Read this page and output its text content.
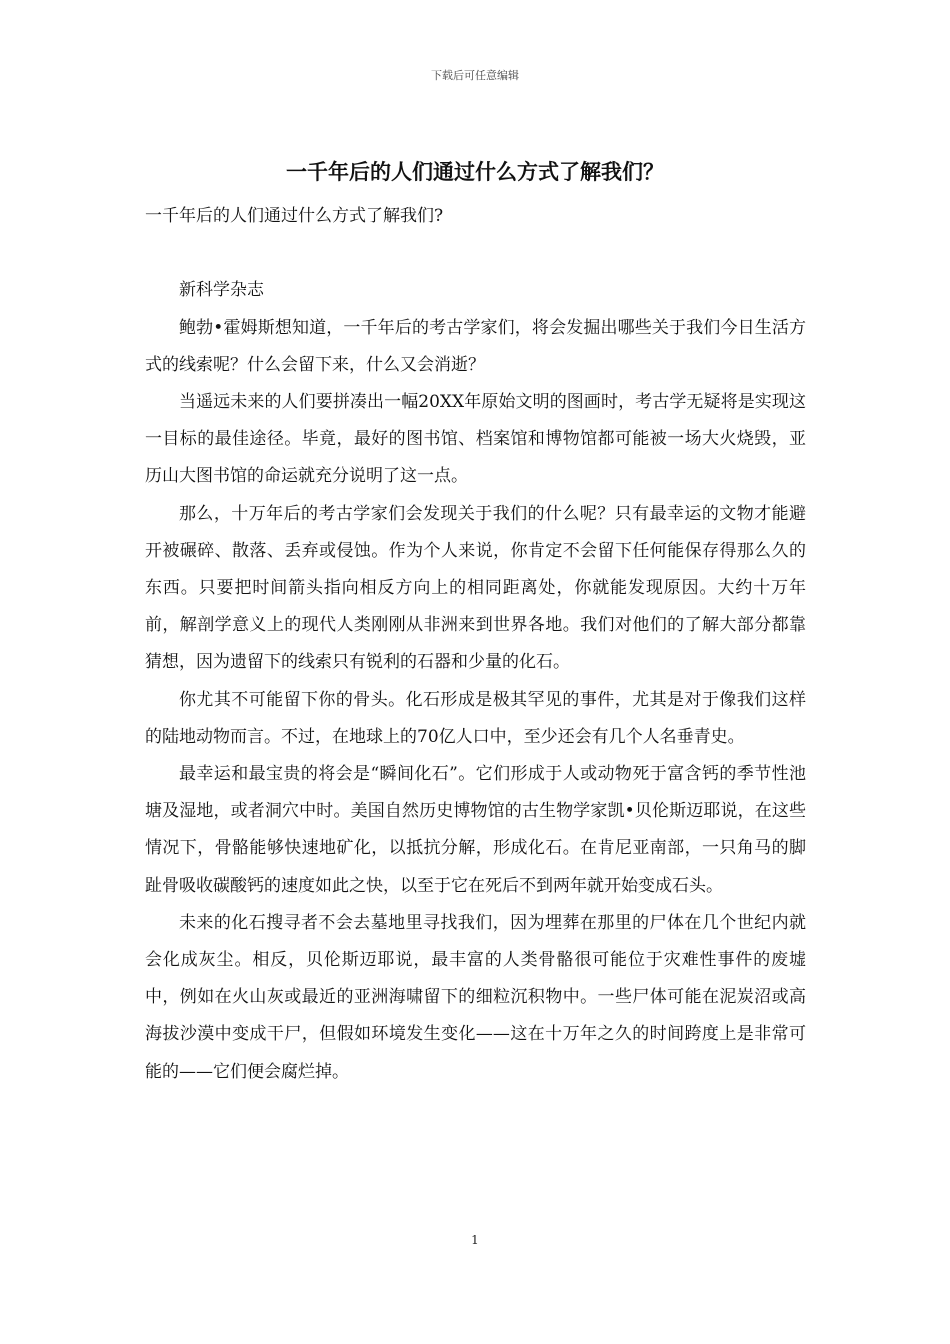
下载后可任意编辑
一千年后的人们通过什么方式了解我们？

一千年后的人们通过什么方式了解我们?

新科学杂志

鲍勃•霍姆斯想知道，一千年后的考古学家们，将会发掘出哪些关于我们今日生活方式的线索呢？什么会留下来，什么又会消逝？

当遥远未来的人们要拼凑出一幅20XX年原始文明的图画时，考古学无疑将是实现这一目标的最佳途径。毕竟，最好的图书馆、档案馆和博物馆都可能被一场大火烧毁，亚历山大图书馆的命运就充分说明了这一点。

那么，十万年后的考古学家们会发现关于我们的什么呢？只有最幸运的文物才能避开被碾碎、散落、丢弃或侵蚀。作为个人来说，你肯定不会留下任何能保存得那么久的东西。只要把时间箭头指向相反方向上的相同距离处，你就能发现原因。大约十万年前，解剖学意义上的现代人类刚刚从非洲来到世界各地。我们对他们的了解大部分都靠猜想，因为遗留下的线索只有锐利的石器和少量的化石。

你尤其不可能留下你的骨头。化石形成是极其罕见的事件，尤其是对于像我们这样的陆地动物而言。不过，在地球上的70亿人口中，至少还会有几个人名垂青史。

最幸运和最宝贵的将会是“瞬间化石”。它们形成于人或动物死于富含钙的季节性池塘及湿地，或者洞穴中时。美国自然历史博物馆的古生物学家凯•贝伦斯迈耶说，在这些情况下，骨骼能够快速地矿化，以抵抗分解，形成化石。在肯尼亚南部，一只角马的脚趾骨吸收碳酸钙的速度如此之快，以至于它在死后不到两年就开始变成石头。

未来的化石搜寻者不会去墓地里寻找我们，因为埋葬在那里的尸体在几个世纪内就会化成灰尘。相反，贝伦斯迈耶说，最丰富的人类骨骼很可能位于灾难性事件的废墟中，例如在火山灰或最近的亚洲海啸留下的细粒沉积物中。一些尸体可能在泥炭沼或高海拔沙漠中变成干尸，但假如环境发生变化——这在十万年之久的时间跨度上是非常可能的——它们便会腐烂掉。

1
